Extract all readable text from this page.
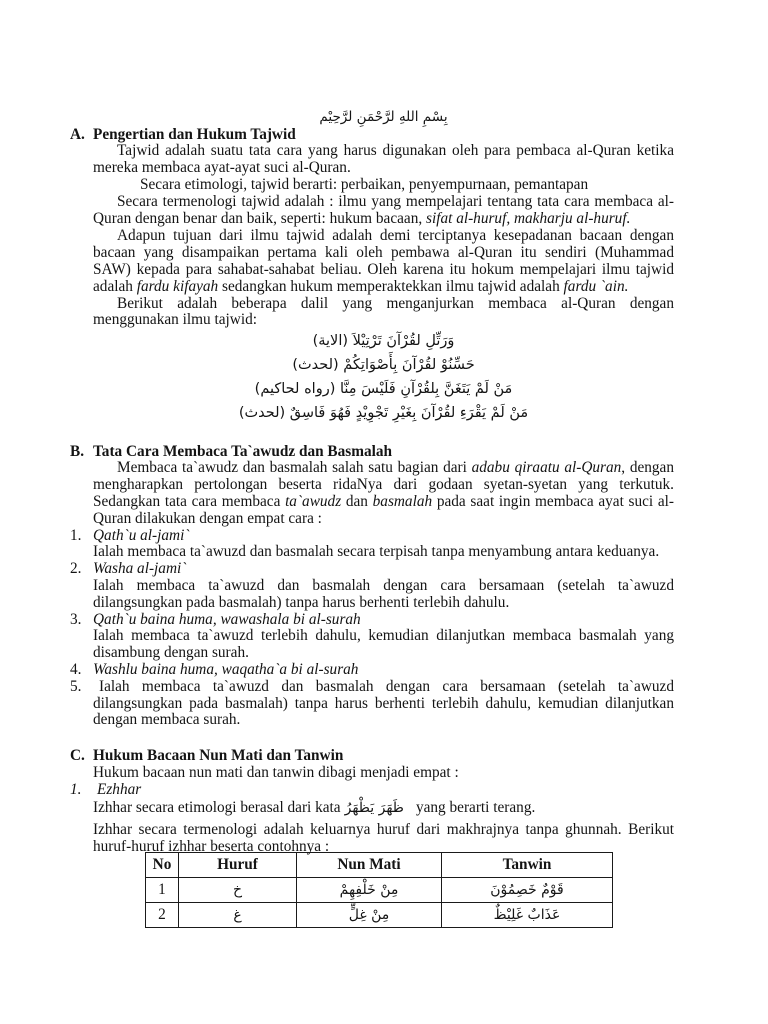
بِسْمِ اللهِ لرَّحْمَنِ لرَّحِيْم
A. Pengertian dan Hukum Tajwid
Tajwid adalah suatu tata cara yang harus digunakan oleh para pembaca al-Quran ketika
mereka membaca ayat-ayat suci al-Quran.
Secara etimologi, tajwid berarti: perbaikan, penyempurnaan, pemantapan
Secara termenologi tajwid adalah : ilmu yang mempelajari tentang tata cara membaca al-
Quran dengan benar dan baik, seperti: hukum bacaan, sifat al-huruf, makharju al-huruf.
Adapun tujuan dari ilmu tajwid adalah demi terciptanya kesepadanan bacaan dengan
bacaan yang disampaikan pertama kali oleh pembawa al-Quran itu sendiri (Muhammad
SAW) kepada para sahabat-sahabat beliau. Oleh karena itu hokum mempelajari ilmu tajwid
adalah fardu kifayah sedangkan hukum memperaktekkan ilmu tajwid adalah fardu `ain.
Berikut adalah beberapa dalil yang menganjurkan membaca al-Quran dengan
menggunakan ilmu tajwid:
وَرَتِّلِ لقُرْآنَ تَرْتِيْلاَ (الاية)
حَسِّنُوْ لقُرْآنَ بِأَصْوَاتِكُمْ (لحدث)
مَنْ لَمْ يَتَغَنَّ بِلقُرْآنِ فَلَيْسَ مِنَّا (رواه لحاكيم)
مَنْ لَمْ يَقْرَءِ لقُرْآنَ بِغَيْرِ تَجْوِيْدٍ فَهُوَ فَاسِقٌ (لحدث)
B. Tata Cara Membaca Ta`awudz dan Basmalah
Membaca ta`awudz dan basmalah salah satu bagian dari adabu qiraatu al-Quran, dengan
mengharapkan pertolongan beserta ridaNya dari godaan syetan-syetan yang terkutuk.
Sedangkan tata cara membaca ta`awudz dan basmalah pada saat ingin membaca ayat suci al-
Quran dilakukan dengan empat cara :
1. Qath`u al-jami`
Ialah membaca ta`awuzd dan basmalah secara terpisah tanpa menyambung antara keduanya.
2. Washa al-jami`
Ialah membaca ta`awuzd dan basmalah dengan cara bersamaan (setelah ta`awuzd
dilangsungkan pada basmalah) tanpa harus berhenti terlebih dahulu.
3. Qath`u baina huma, wawashala bi al-surah
Ialah membaca ta`awuzd terlebih dahulu, kemudian dilanjutkan membaca basmalah yang
disambung dengan surah.
4. Washlu baina huma, waqatha`a bi al-surah
5. Ialah membaca ta`awuzd dan basmalah dengan cara bersamaan (setelah ta`awuzd
dilangsungkan pada basmalah) tanpa harus berhenti terlebih dahulu, kemudian dilanjutkan
dengan membaca surah.
C. Hukum Bacaan Nun Mati dan Tanwin
Hukum bacaan nun mati dan tanwin dibagi menjadi empat :
1. Ezhhar
Izhhar secara etimologi berasal dari kata ظَهَرَ يَظْهَرُ yang berarti terang.
Izhhar secara termenologi adalah keluarnya huruf dari makhrajnya tanpa ghunnah. Berikut
huruf-huruf izhhar beserta contohnya :
No	Huruf	Nun Mati	Tanwin
1	خ	مِنْ خَلْفِهِمْ	قَوْمٌ خَصِمُوْنَ
2	غ	مِنْ غِلٍّ	عَذَابٌ غَلِيْظٌ
